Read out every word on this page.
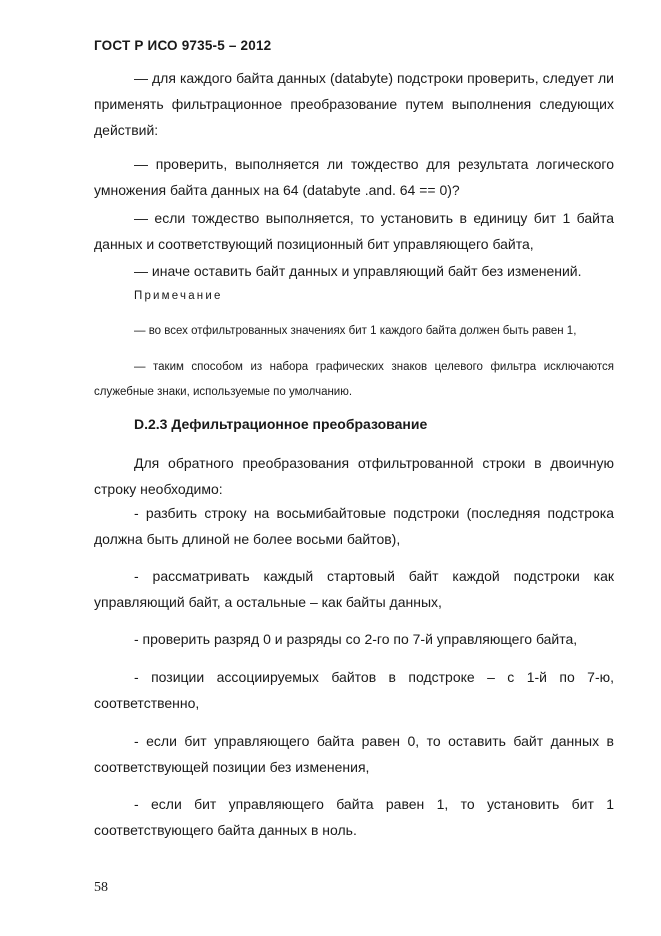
ГОСТ Р ИСО 9735-5 – 2012
— для каждого байта данных (databyte) подстроки проверить, следует ли применять фильтрационное преобразование путем выполнения следующих действий:
— проверить, выполняется ли тождество для результата логического умножения байта данных на 64 (databyte .and. 64 == 0)?
— если тождество выполняется, то установить в единицу бит 1 байта данных и соответствующий позиционный бит управляющего байта,
— иначе оставить байт данных и управляющий байт без изменений.
Примечание
— во всех отфильтрованных значениях бит 1 каждого байта должен быть равен 1,
— таким способом из набора графических знаков целевого фильтра исключаются служебные знаки, используемые по умолчанию.
D.2.3 Дефильтрационное преобразование
Для обратного преобразования отфильтрованной строки в двоичную строку необходимо:
- разбить строку на восьмибайтовые подстроки (последняя подстрока должна быть длиной не более восьми байтов),
- рассматривать каждый стартовый байт каждой подстроки как управляющий байт, а остальные – как байты данных,
- проверить разряд 0 и разряды со 2-го по 7-й управляющего байта,
- позиции ассоциируемых байтов в подстроке – с 1-й по 7-ю, соответственно,
- если бит управляющего байта равен 0, то оставить байт данных в соответствующей позиции без изменения,
- если бит управляющего байта равен 1, то установить бит 1 соответствующего байта данных в ноль.
58
